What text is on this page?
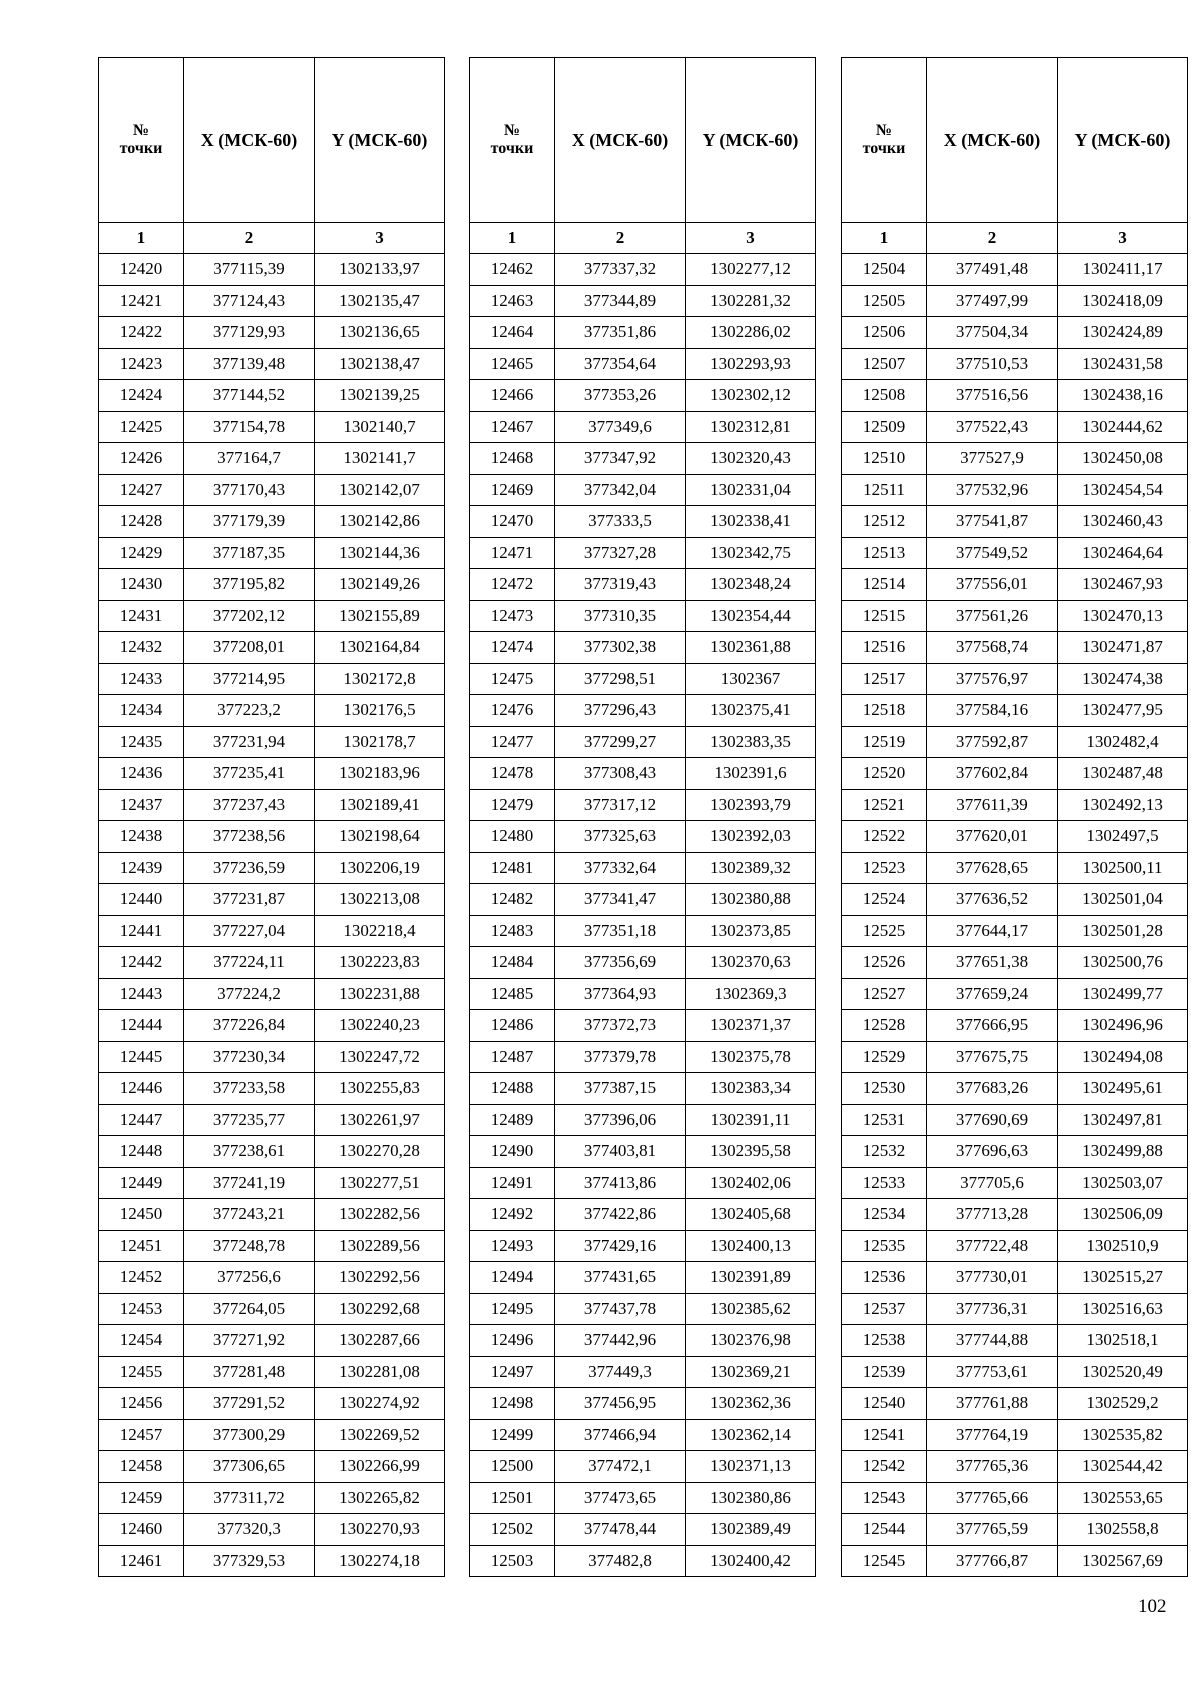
№
точки	X (МСК-60)	Y (МСК-60)
1	2	3
12420	377115,39	1302133,97
12421	377124,43	1302135,47
12422	377129,93	1302136,65
12423	377139,48	1302138,47
12424	377144,52	1302139,25
12425	377154,78	1302140,7
12426	377164,7	1302141,7
12427	377170,43	1302142,07
12428	377179,39	1302142,86
12429	377187,35	1302144,36
12430	377195,82	1302149,26
12431	377202,12	1302155,89
12432	377208,01	1302164,84
12433	377214,95	1302172,8
12434	377223,2	1302176,5
12435	377231,94	1302178,7
12436	377235,41	1302183,96
12437	377237,43	1302189,41
12438	377238,56	1302198,64
12439	377236,59	1302206,19
12440	377231,87	1302213,08
12441	377227,04	1302218,4
12442	377224,11	1302223,83
12443	377224,2	1302231,88
12444	377226,84	1302240,23
12445	377230,34	1302247,72
12446	377233,58	1302255,83
12447	377235,77	1302261,97
12448	377238,61	1302270,28
12449	377241,19	1302277,51
12450	377243,21	1302282,56
12451	377248,78	1302289,56
12452	377256,6	1302292,56
12453	377264,05	1302292,68
12454	377271,92	1302287,66
12455	377281,48	1302281,08
12456	377291,52	1302274,92
12457	377300,29	1302269,52
12458	377306,65	1302266,99
12459	377311,72	1302265,82
12460	377320,3	1302270,93
12461	377329,53	1302274,18
№
точки	X (МСК-60)	Y (МСК-60)
1	2	3
12462	377337,32	1302277,12
12463	377344,89	1302281,32
12464	377351,86	1302286,02
12465	377354,64	1302293,93
12466	377353,26	1302302,12
12467	377349,6	1302312,81
12468	377347,92	1302320,43
12469	377342,04	1302331,04
12470	377333,5	1302338,41
12471	377327,28	1302342,75
12472	377319,43	1302348,24
12473	377310,35	1302354,44
12474	377302,38	1302361,88
12475	377298,51	1302367
12476	377296,43	1302375,41
12477	377299,27	1302383,35
12478	377308,43	1302391,6
12479	377317,12	1302393,79
12480	377325,63	1302392,03
12481	377332,64	1302389,32
12482	377341,47	1302380,88
12483	377351,18	1302373,85
12484	377356,69	1302370,63
12485	377364,93	1302369,3
12486	377372,73	1302371,37
12487	377379,78	1302375,78
12488	377387,15	1302383,34
12489	377396,06	1302391,11
12490	377403,81	1302395,58
12491	377413,86	1302402,06
12492	377422,86	1302405,68
12493	377429,16	1302400,13
12494	377431,65	1302391,89
12495	377437,78	1302385,62
12496	377442,96	1302376,98
12497	377449,3	1302369,21
12498	377456,95	1302362,36
12499	377466,94	1302362,14
12500	377472,1	1302371,13
12501	377473,65	1302380,86
12502	377478,44	1302389,49
12503	377482,8	1302400,42
№
точки	X (МСК-60)	Y (МСК-60)
1	2	3
12504	377491,48	1302411,17
12505	377497,99	1302418,09
12506	377504,34	1302424,89
12507	377510,53	1302431,58
12508	377516,56	1302438,16
12509	377522,43	1302444,62
12510	377527,9	1302450,08
12511	377532,96	1302454,54
12512	377541,87	1302460,43
12513	377549,52	1302464,64
12514	377556,01	1302467,93
12515	377561,26	1302470,13
12516	377568,74	1302471,87
12517	377576,97	1302474,38
12518	377584,16	1302477,95
12519	377592,87	1302482,4
12520	377602,84	1302487,48
12521	377611,39	1302492,13
12522	377620,01	1302497,5
12523	377628,65	1302500,11
12524	377636,52	1302501,04
12525	377644,17	1302501,28
12526	377651,38	1302500,76
12527	377659,24	1302499,77
12528	377666,95	1302496,96
12529	377675,75	1302494,08
12530	377683,26	1302495,61
12531	377690,69	1302497,81
12532	377696,63	1302499,88
12533	377705,6	1302503,07
12534	377713,28	1302506,09
12535	377722,48	1302510,9
12536	377730,01	1302515,27
12537	377736,31	1302516,63
12538	377744,88	1302518,1
12539	377753,61	1302520,49
12540	377761,88	1302529,2
12541	377764,19	1302535,82
12542	377765,36	1302544,42
12543	377765,66	1302553,65
12544	377765,59	1302558,8
12545	377766,87	1302567,69
102
